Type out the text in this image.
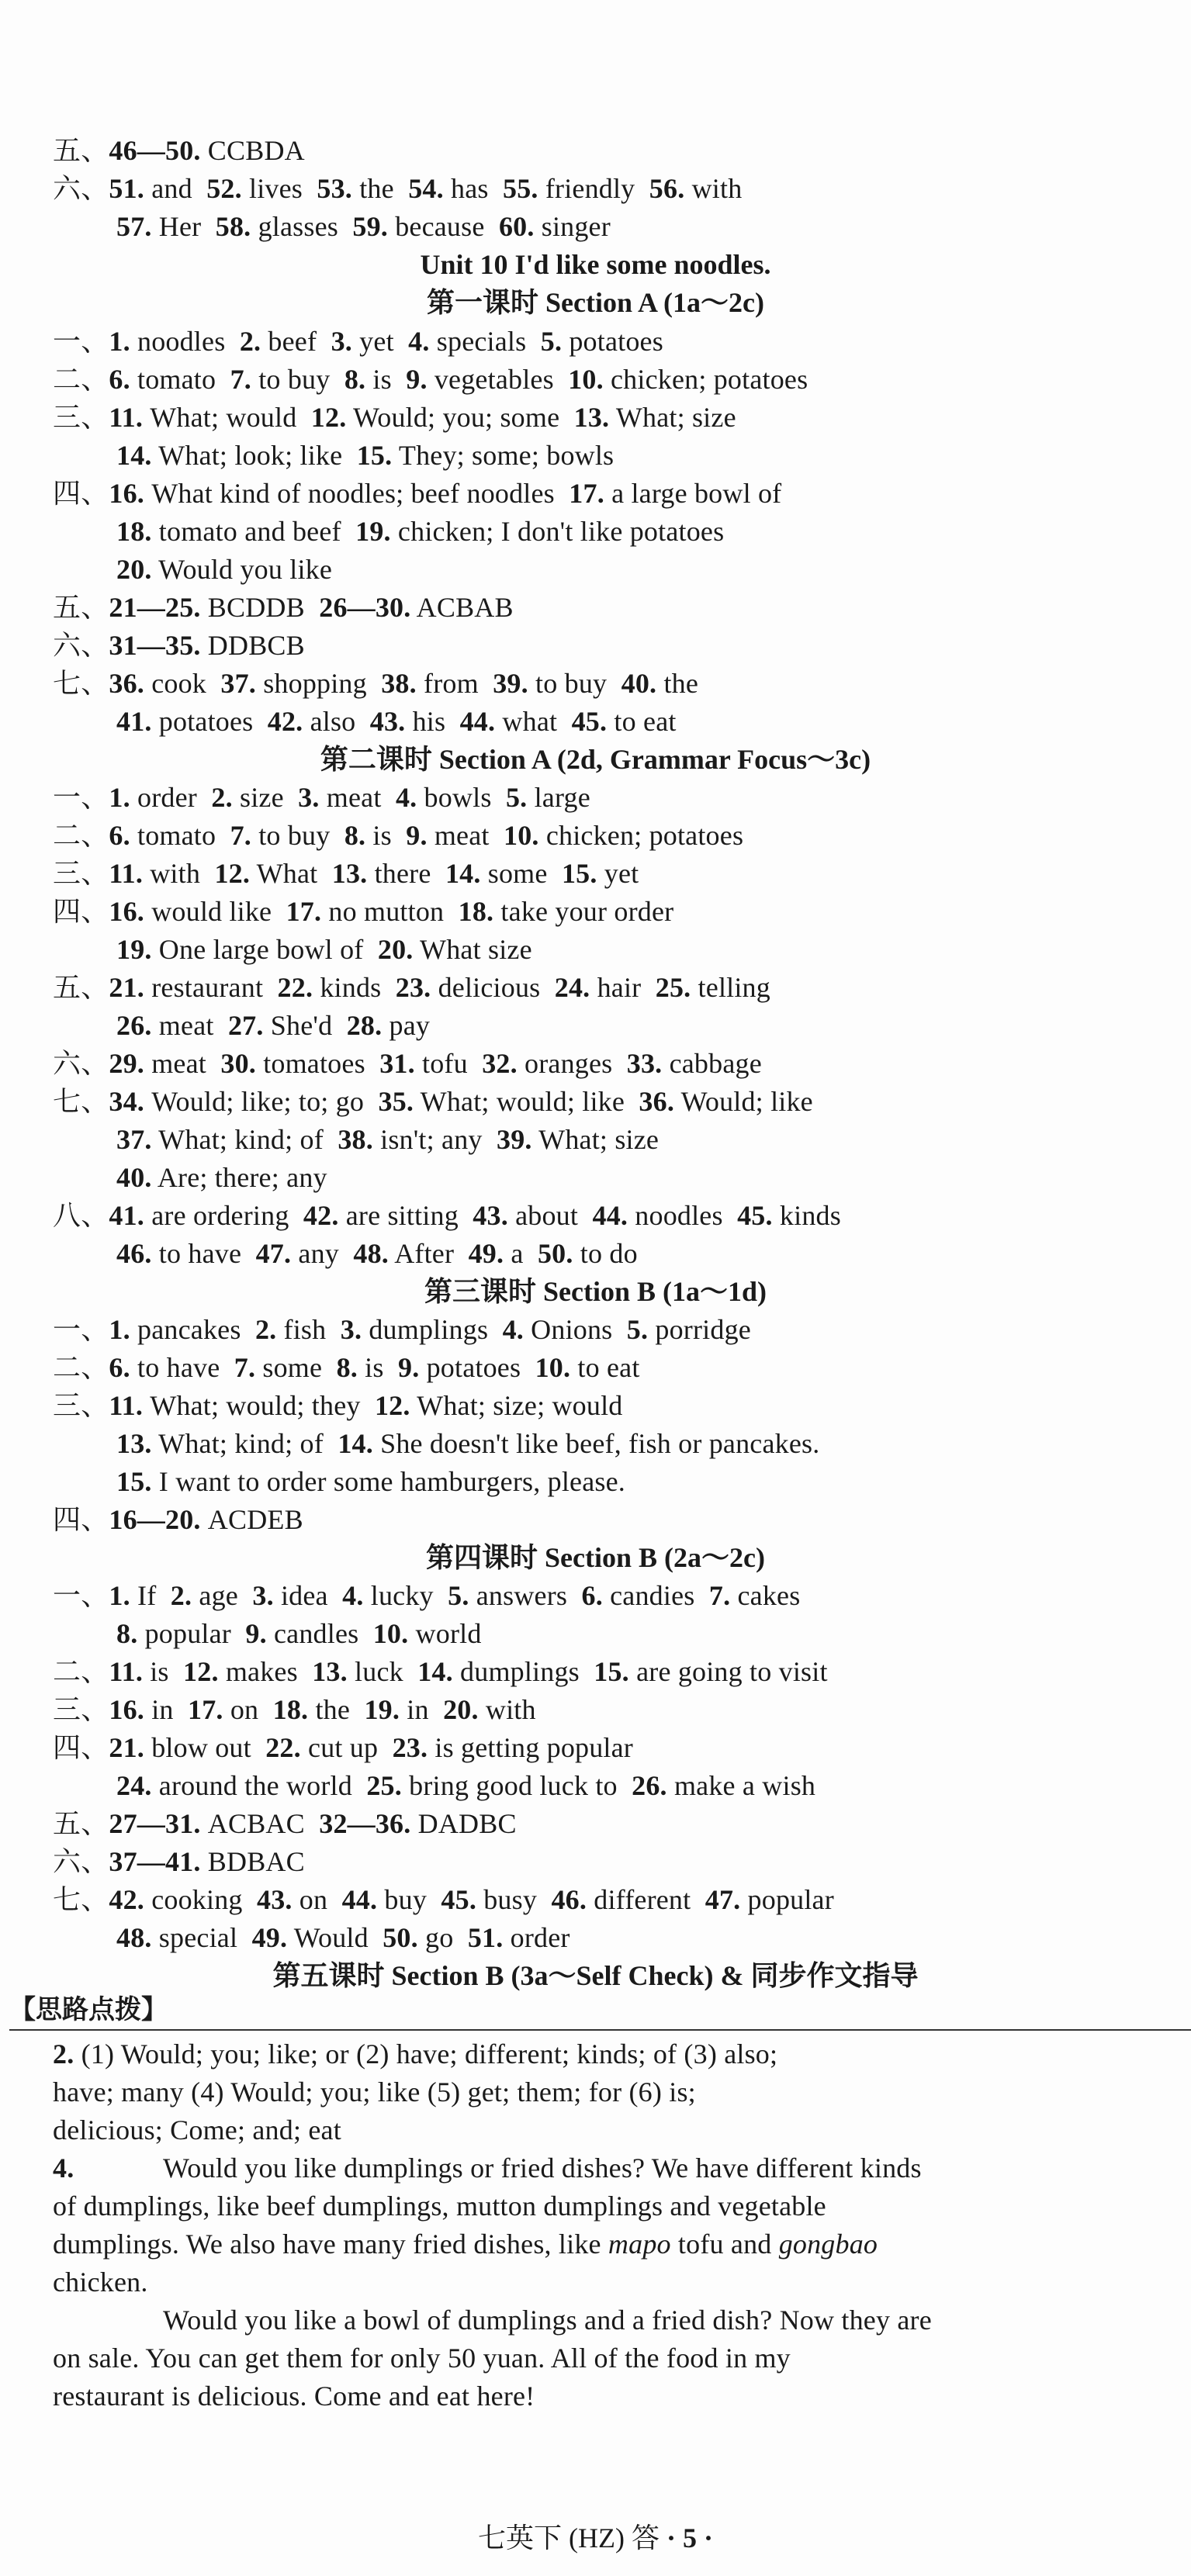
48. special  49. Would  50. go  51. order
【思路点拨】
2. (1) Would; you; like; or (2) have; different; kinds; of (3) also;
have; many (4) Would; you; like (5) get; them; for (6) is;
delicious; Come; and; eat
4.	Would you like dumplings or fried dishes? We have different kinds
of dumplings, like beef dumplings, mutton dumplings and vegetable
dumplings. We also have many fried dishes, like mapo tofu and gongbao
chicken.
Would you like a bowl of dumplings and a fried dish? Now they are
on sale. You can get them for only 50 yuan. All of the food in my
restaurant is delicious. Come and eat here!
七英下 (HZ) 答 · 5 ·
Unit 10 I'd like some noodles.
第一课时 Section A (1a～2c)
第二课时 Section A (2d, Grammar Focus～3c)
第三课时 Section B (1a～1d)
第四课时 Section B (2a～2c)
第五课时 Section B (3a～Self Check) & 同步作文指导
五、46—50. CCBDA
六、51. and  52. lives  53. the  54. has  55. friendly  56. with
57. Her  58. glasses  59. because  60. singer
一、1. noodles  2. beef  3. yet  4. specials  5. potatoes
二、6. tomato  7. to buy  8. is  9. vegetables  10. chicken; potatoes
三、11. What; would  12. Would; you; some  13. What; size
14. What; look; like  15. They; some; bowls
四、16. What kind of noodles; beef noodles  17. a large bowl of
18. tomato and beef  19. chicken; I don't like potatoes
20. Would you like
五、21—25. BCDDB  26—30. ACBAB
六、31—35. DDBCB
七、36. cook  37. shopping  38. from  39. to buy  40. the
41. potatoes  42. also  43. his  44. what  45. to eat
一、1. order  2. size  3. meat  4. bowls  5. large
二、6. tomato  7. to buy  8. is  9. meat  10. chicken; potatoes
三、11. with  12. What  13. there  14. some  15. yet
四、16. would like  17. no mutton  18. take your order
19. One large bowl of  20. What size
五、21. restaurant  22. kinds  23. delicious  24. hair  25. telling
26. meat  27. She'd  28. pay
六、29. meat  30. tomatoes  31. tofu  32. oranges  33. cabbage
七、34. Would; like; to; go  35. What; would; like  36. Would; like
37. What; kind; of  38. isn't; any  39. What; size
40. Are; there; any
八、41. are ordering  42. are sitting  43. about  44. noodles  45. kinds
46. to have  47. any  48. After  49. a  50. to do
一、1. pancakes  2. fish  3. dumplings  4. Onions  5. porridge
二、6. to have  7. some  8. is  9. potatoes  10. to eat
三、11. What; would; they  12. What; size; would
13. What; kind; of  14. She doesn't like beef, fish or pancakes.
15. I want to order some hamburgers, please.
四、16—20. ACDEB
一、1. If  2. age  3. idea  4. lucky  5. answers  6. candies  7. cakes
8. popular  9. candles  10. world
二、11. is  12. makes  13. luck  14. dumplings  15. are going to visit
三、16. in  17. on  18. the  19. in  20. with
四、21. blow out  22. cut up  23. is getting popular
24. around the world  25. bring good luck to  26. make a wish
五、27—31. ACBAC  32—36. DADBC
六、37—41. BDBAC
七、42. cooking  43. on  44. buy  45. busy  46. different  47. popular
